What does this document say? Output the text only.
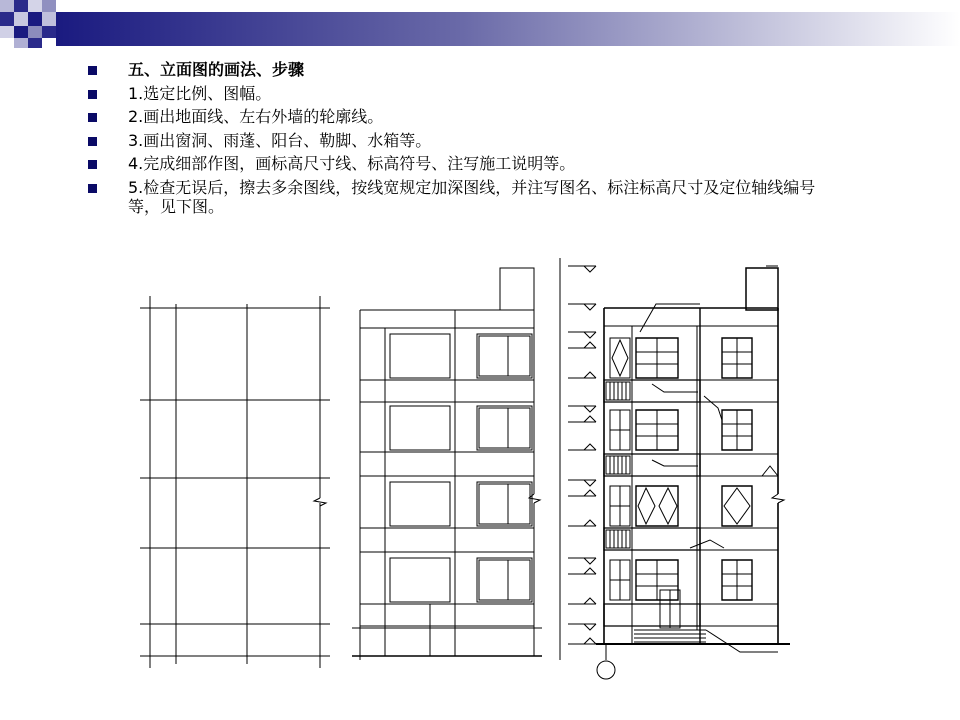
五、立面图的画法、步骤
1.选定比例、图幅。
2.画出地面线、左右外墙的轮廓线。
3.画出窗洞、雨蓬、阳台、勒脚、水箱等。
4.完成细部作图，画标高尺寸线、标高符号、注写施工说明等。
5.检查无误后，擦去多余图线，按线宽规定加深图线，并注写图名、标注标高尺寸及定位轴线编号等，见下图。
